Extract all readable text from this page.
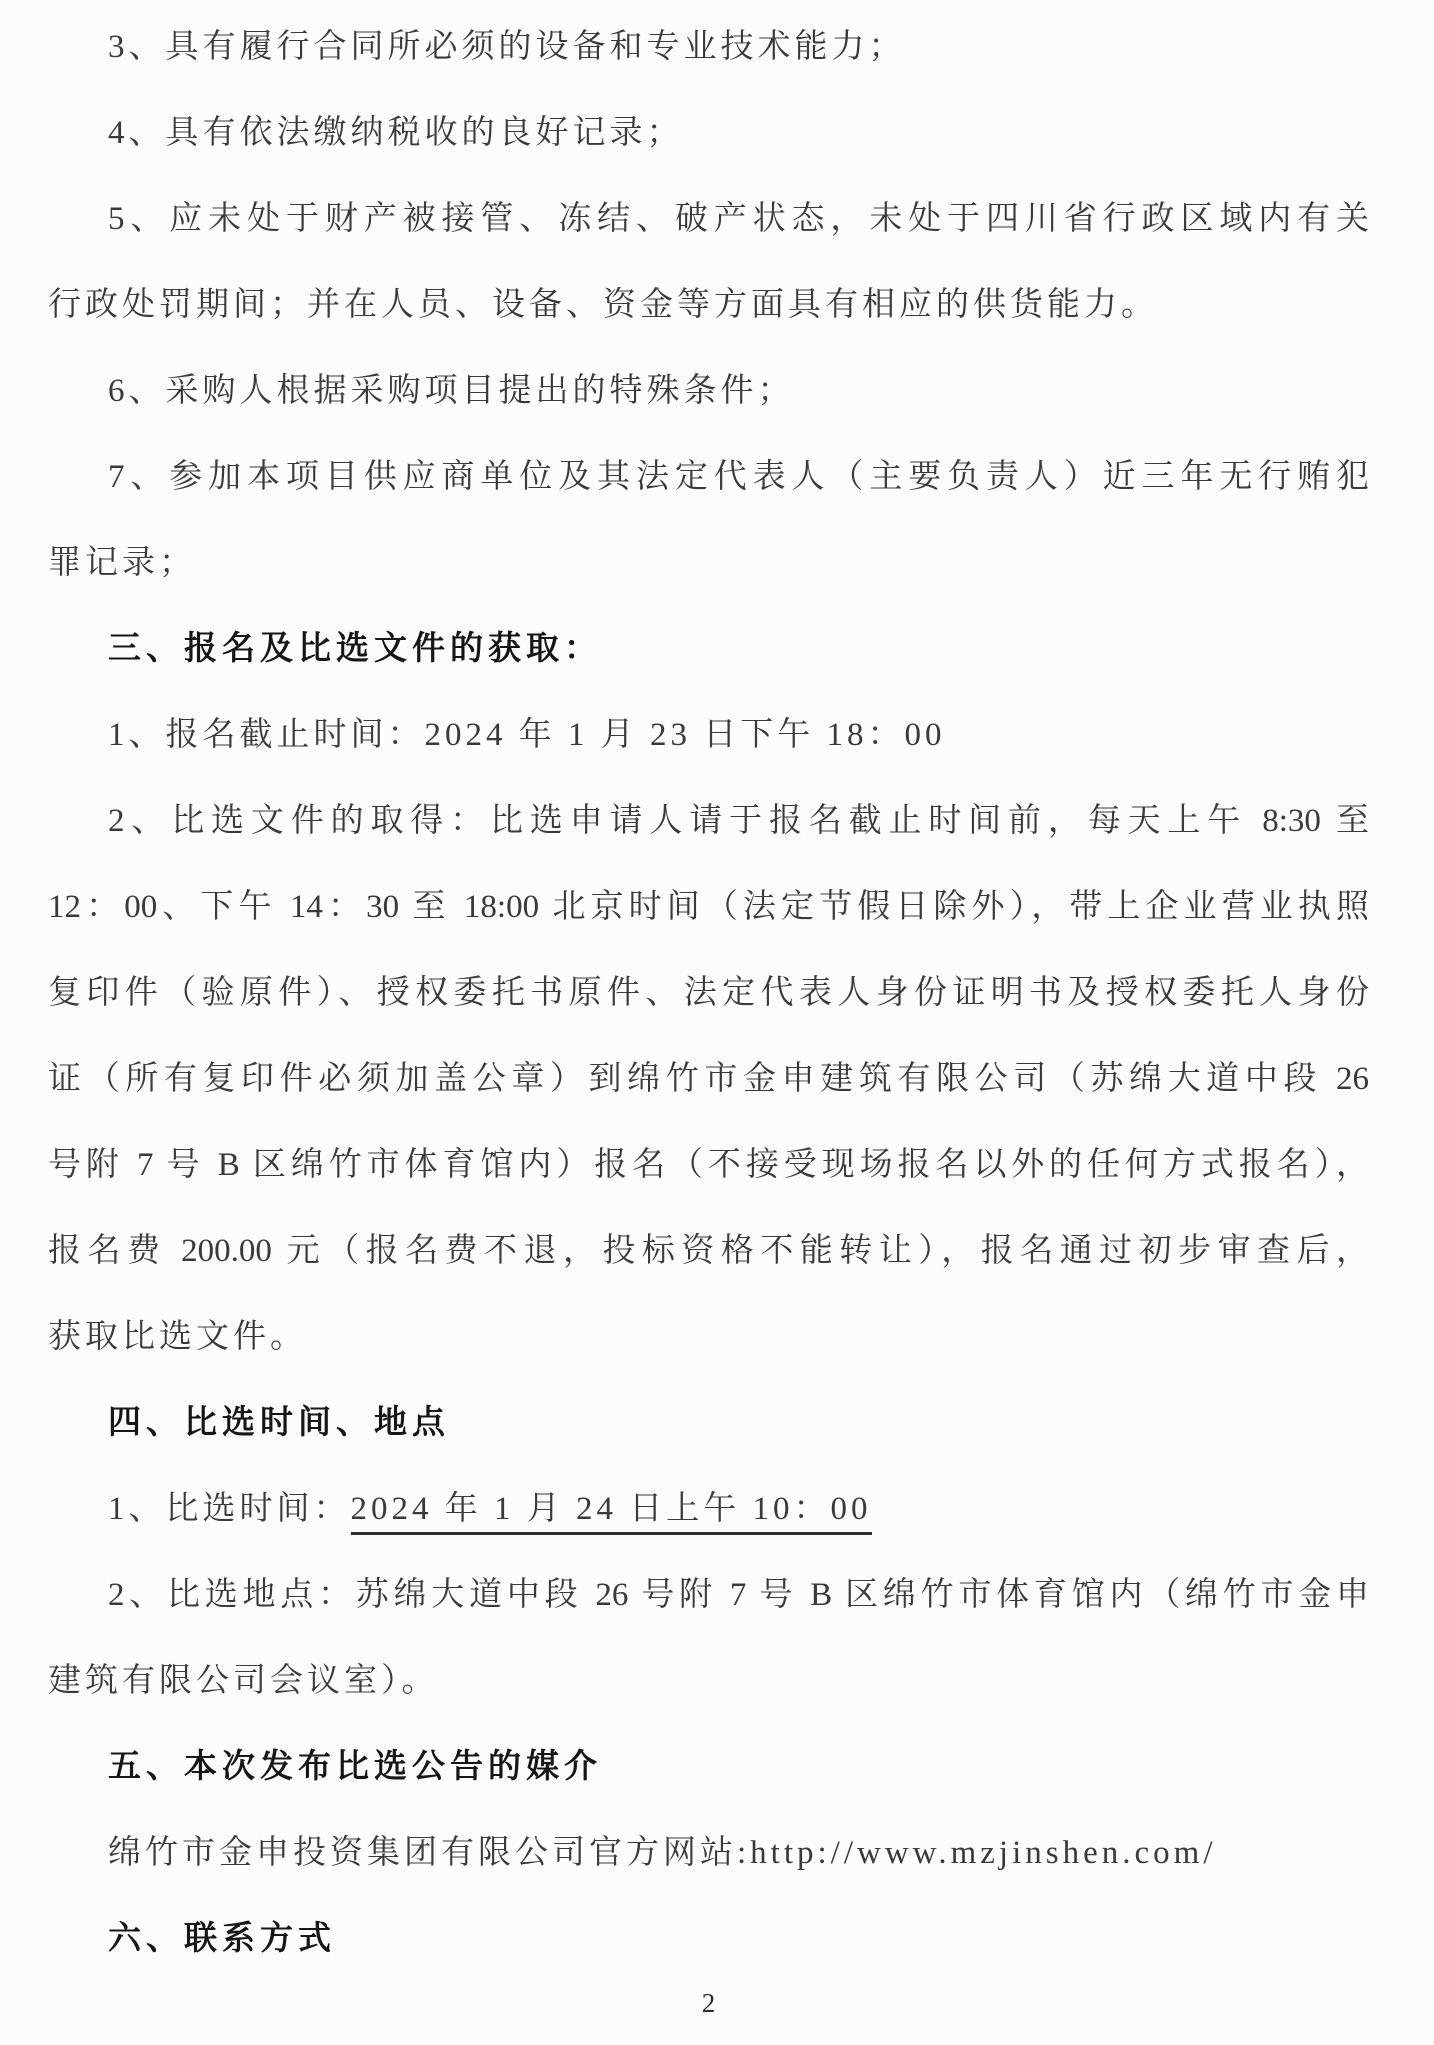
3、具有履行合同所必须的设备和专业技术能力；
4、具有依法缴纳税收的良好记录；
5、应未处于财产被接管、冻结、破产状态，未处于四川省行政区域内有关
行政处罚期间；并在人员、设备、资金等方面具有相应的供货能力。
6、采购人根据采购项目提出的特殊条件；
7、参加本项目供应商单位及其法定代表人（主要负责人）近三年无行贿犯
罪记录；
三、报名及比选文件的获取：
1、报名截止时间：2024 年 1 月 23 日下午 18：00
2、比选文件的取得：比选申请人请于报名截止时间前，每天上午 8:30 至
12：00、下午 14：30 至 18:00 北京时间（法定节假日除外），带上企业营业执照
复印件（验原件）、授权委托书原件、法定代表人身份证明书及授权委托人身份
证（所有复印件必须加盖公章）到绵竹市金申建筑有限公司（苏绵大道中段 26
号附 7 号 B 区绵竹市体育馆内）报名（不接受现场报名以外的任何方式报名），
报名费 200.00 元（报名费不退，投标资格不能转让），报名通过初步审查后，
获取比选文件。
四、比选时间、地点
1、比选时间：2024 年 1 月 24 日上午 10：00
2、比选地点：苏绵大道中段 26 号附 7 号 B 区绵竹市体育馆内（绵竹市金申
建筑有限公司会议室）。
五、本次发布比选公告的媒介
绵竹市金申投资集团有限公司官方网站:http://www.mzjinshen.com/
六、联系方式
2
